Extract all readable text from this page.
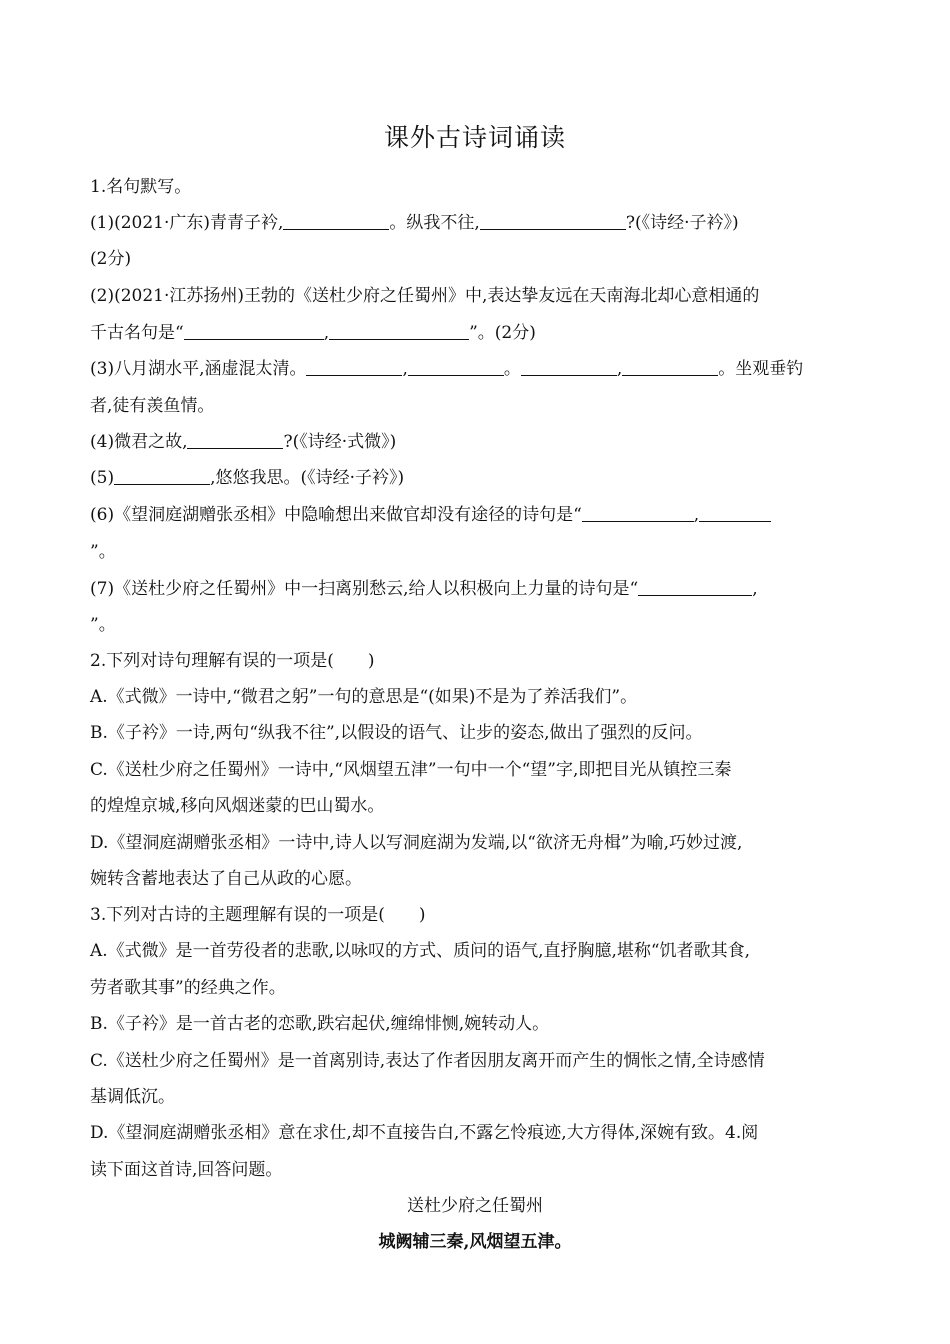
课外古诗词诵读
1.名句默写。
(1)(2021·广东)青青子衿,	。纵我不往,	?(《诗经·子衿》)
(2分)
(2)(2021·江苏扬州)王勃的《送杜少府之任蜀州》中,表达挚友远在天南海北却心意相通的
千古名句是“	,	”。(2分)
(3)八月湖水平,涵虚混太清。	,	。	,	。坐观垂钓
者,徒有羡鱼情。
(4)微君之故,	?(《诗经·式微》)
(5)	,悠悠我思。(《诗经·子衿》)
(6)《望洞庭湖赠张丞相》中隐喻想出来做官却没有途径的诗句是“	,
”。
(7)《送杜少府之任蜀州》中一扫离别愁云,给人以积极向上力量的诗句是“	,
”。
2.下列对诗句理解有误的一项是(　　)
A.《式微》一诗中,“微君之躬”一句的意思是“(如果)不是为了养活我们”。
B.《子衿》一诗,两句“纵我不往”,以假设的语气、让步的姿态,做出了强烈的反问。
C.《送杜少府之任蜀州》一诗中,“风烟望五津”一句中一个“望”字,即把目光从镇控三秦
的煌煌京城,移向风烟迷蒙的巴山蜀水。
D.《望洞庭湖赠张丞相》一诗中,诗人以写洞庭湖为发端,以“欲济无舟楫”为喻,巧妙过渡,
婉转含蓄地表达了自己从政的心愿。
3.下列对古诗的主题理解有误的一项是(　　)
A.《式微》是一首劳役者的悲歌,以咏叹的方式、质问的语气,直抒胸臆,堪称“饥者歌其食,
劳者歌其事”的经典之作。
B.《子衿》是一首古老的恋歌,跌宕起伏,缠绵悱恻,婉转动人。
C.《送杜少府之任蜀州》是一首离别诗,表达了作者因朋友离开而产生的惆怅之情,全诗感情
基调低沉。
D.《望洞庭湖赠张丞相》意在求仕,却不直接告白,不露乞怜痕迹,大方得体,深婉有致。4.阅
读下面这首诗,回答问题。
送杜少府之任蜀州
城阙辅三秦,风烟望五津。
